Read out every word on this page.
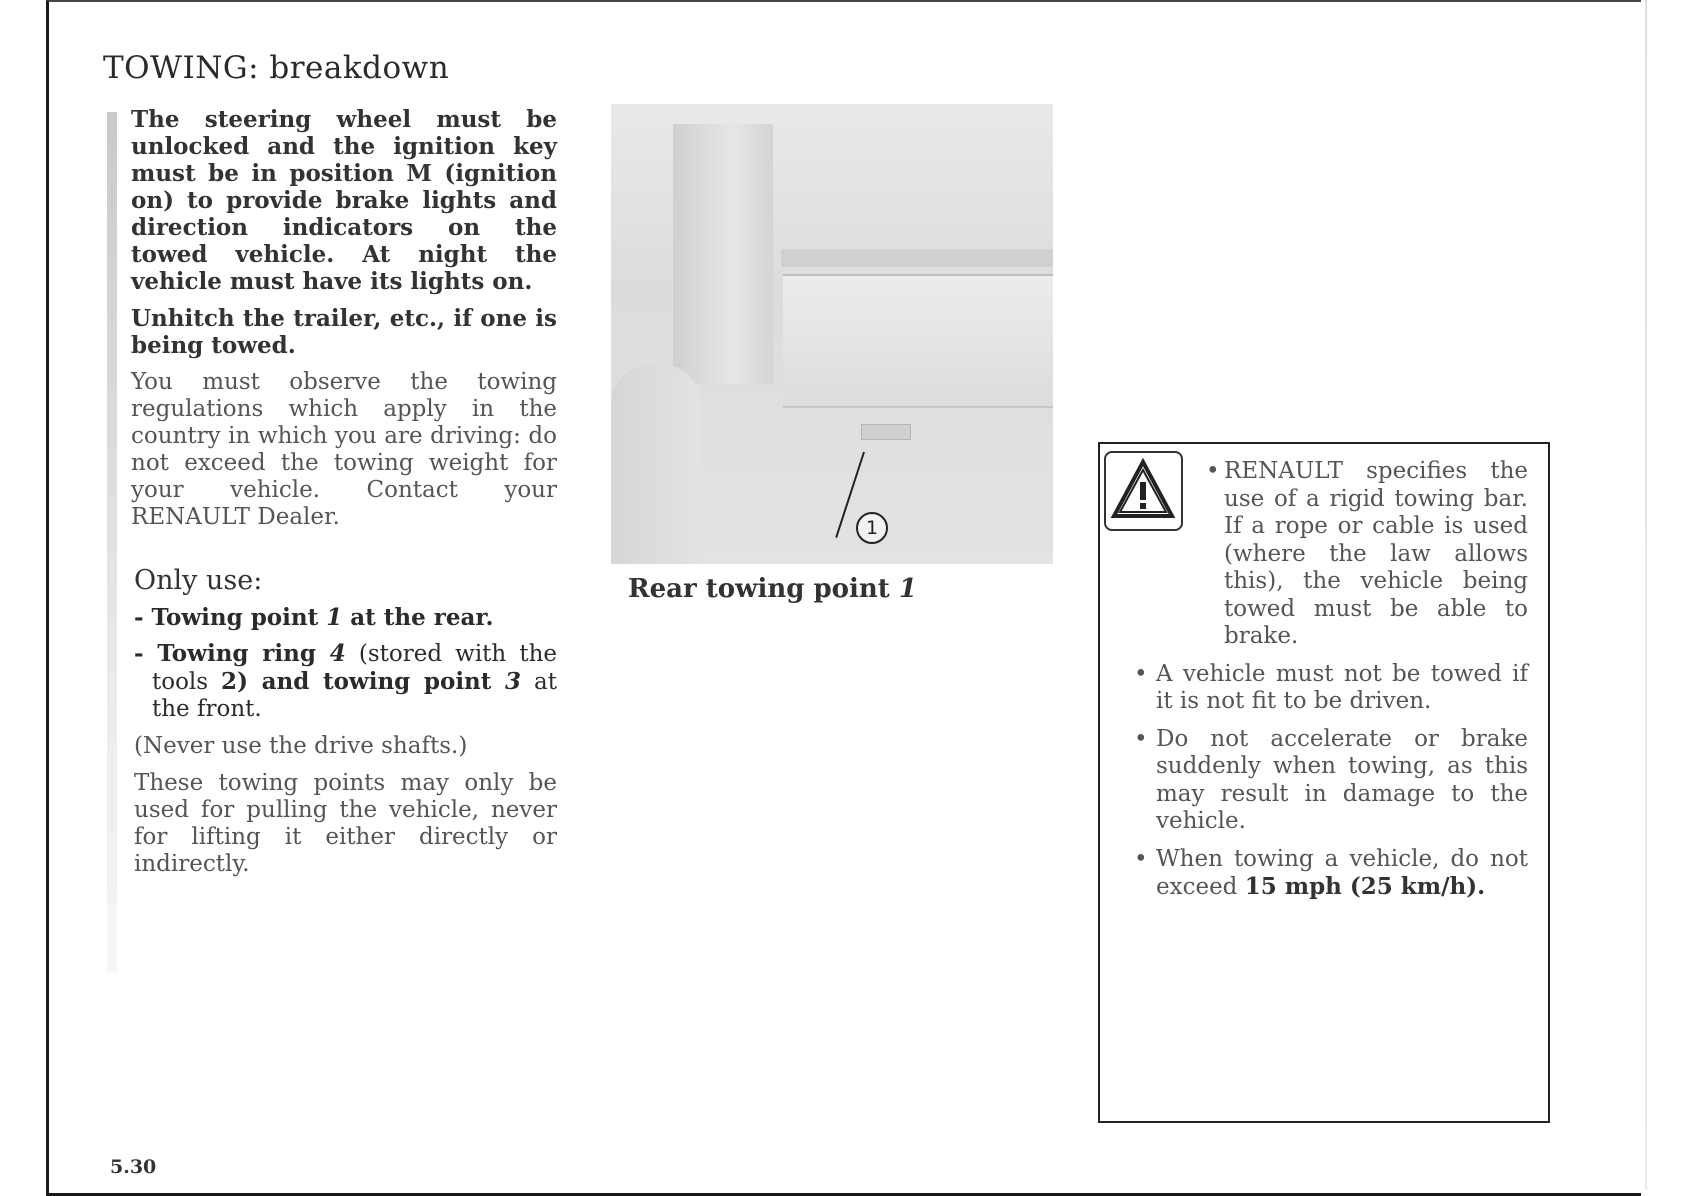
TOWING: breakdown

The steering wheel must be unlocked and the ignition key must be in position M (ignition on) to provide brake lights and direction indicators on the towed vehicle. At night the vehicle must have its lights on.

Unhitch the trailer, etc., if one is being towed.

You must observe the towing regulations which apply in the country in which you are driving: do not exceed the towing weight for your vehicle. Contact your RENAULT Dealer.

Only use:
- Towing point 1 at the rear.
- Towing ring 4 (stored with the tools 2) and towing point 3 at the front.

(Never use the drive shafts.)

These towing points may only be used for pulling the vehicle, never for lifting it either directly or indirectly.

1
Rear towing point 1
• RENAULT specifies the use of a rigid towing bar. If a rope or cable is used (where the law allows this), the vehicle being towed must be able to brake.
• A vehicle must not be towed if it is not fit to be driven.
• Do not accelerate or brake suddenly when towing, as this may result in damage to the vehicle.
• When towing a vehicle, do not exceed 15 mph (25 km/h).
5.30
